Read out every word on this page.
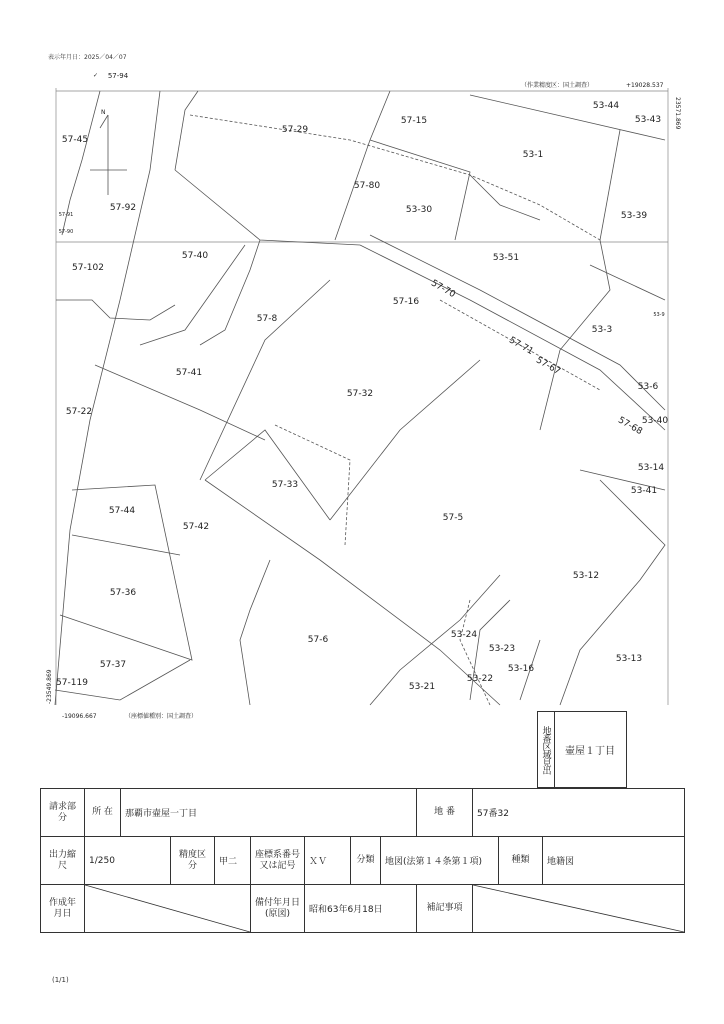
表示年月日：2025／04／07
N
✓ 57-94
（作業精度区：国土調査）	+19028.537
23571.869
-23549.869
-19096.667	（座標値種別：国土調査）
57-45
57-29
57-15
53-44
53-43
53-1
57-80
53-30
53-39
57-92
57-40	53-51
57-102
57-70
57-16
57-8
53-3
57-71
57-67
57-41
57-32
53-6
57-22
53-40
57-68
53-14
57-33
53-41
57-44
57-42
57-5
53-12
57-36
57-6	53-24
53-23
53-16
53-13
57-37
53-22
53-21
57-119
57-91
57-90
53-9
地番区域見出	壷屋１丁目
請求部分	所 在	那覇市壷屋一丁目							地 番	57番32		
出力縮尺	1/250		精度区分	甲二	座標系番号又は記号	ＸＶ	分類	地図(法第１４条第１項)			種類	地籍図
作成年月日					備付年月日(原図)	昭和63年6月18日			補記事項	
(1/1)
